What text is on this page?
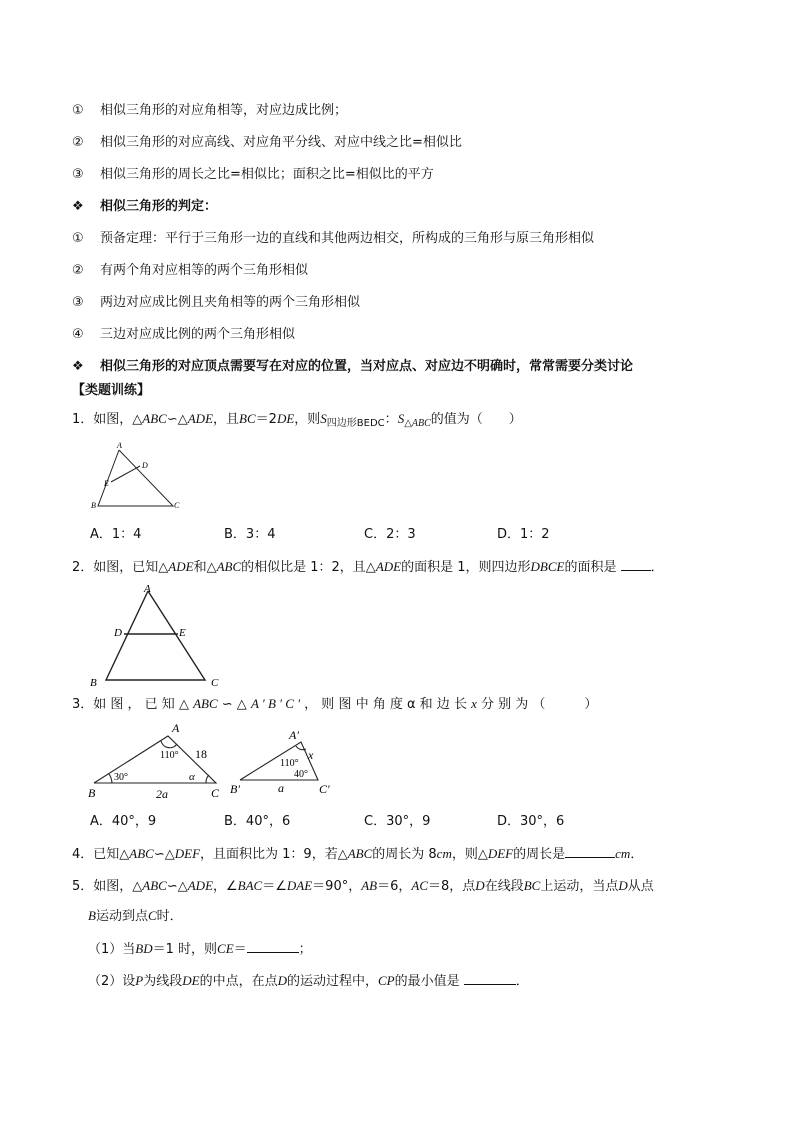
① 相似三角形的对应角相等，对应边成比例；
② 相似三角形的对应高线、对应角平分线、对应中线之比=相似比
③ 相似三角形的周长之比=相似比；面积之比=相似比的平方
❖ 相似三角形的判定：
① 预备定理：平行于三角形一边的直线和其他两边相交，所构成的三角形与原三角形相似
② 有两个角对应相等的两个三角形相似
③ 两边对应成比例且夹角相等的两个三角形相似
④ 三边对应成比例的两个三角形相似
❖ 相似三角形的对应顶点需要写在对应的位置，当对应点、对应边不明确时，常常需要分类讨论
【类题训练】
1．如图，△ABC∽△ADE，且BC＝2DE，则$S_{四边形BEDC}$：$S_{\triangle ABC}$的值为（　　）
A
D
E
B	C
A．1：4	B．3：4	C．2：3	D．1：2
2．如图，已知△ADE和△ABC的相似比是 1：2，且△ADE的面积是 1，则四边形DBCE的面积是	．
A
D	E
B	C
3．如 图 ， 已 知 △ ABC ∽ △ A ′ B ′ C ′ ， 则 图 中 角 度 α 和 边 长 x 分 别 为 （　　　）
A
B	C
110°
30°	α
18
2a
A′
B′	C′
110°
40°
x
a
A．40°，9	B．40°，6	C．30°，9	D．30°，6
4．已知△ABC∽△DEF，且面积比为 1：9，若△ABC的周长为 8cm，则△DEF的周长是	cm．
5．如图，△ABC∽△ADE，∠BAC＝∠DAE＝90°，AB＝6，AC＝8，点D在线段BC上运动，当点D从点
B运动到点C时．
（1）当BD＝1 时，则CE＝	；
（2）设P为线段DE的中点，在点D的运动过程中，CP的最小值是	．
